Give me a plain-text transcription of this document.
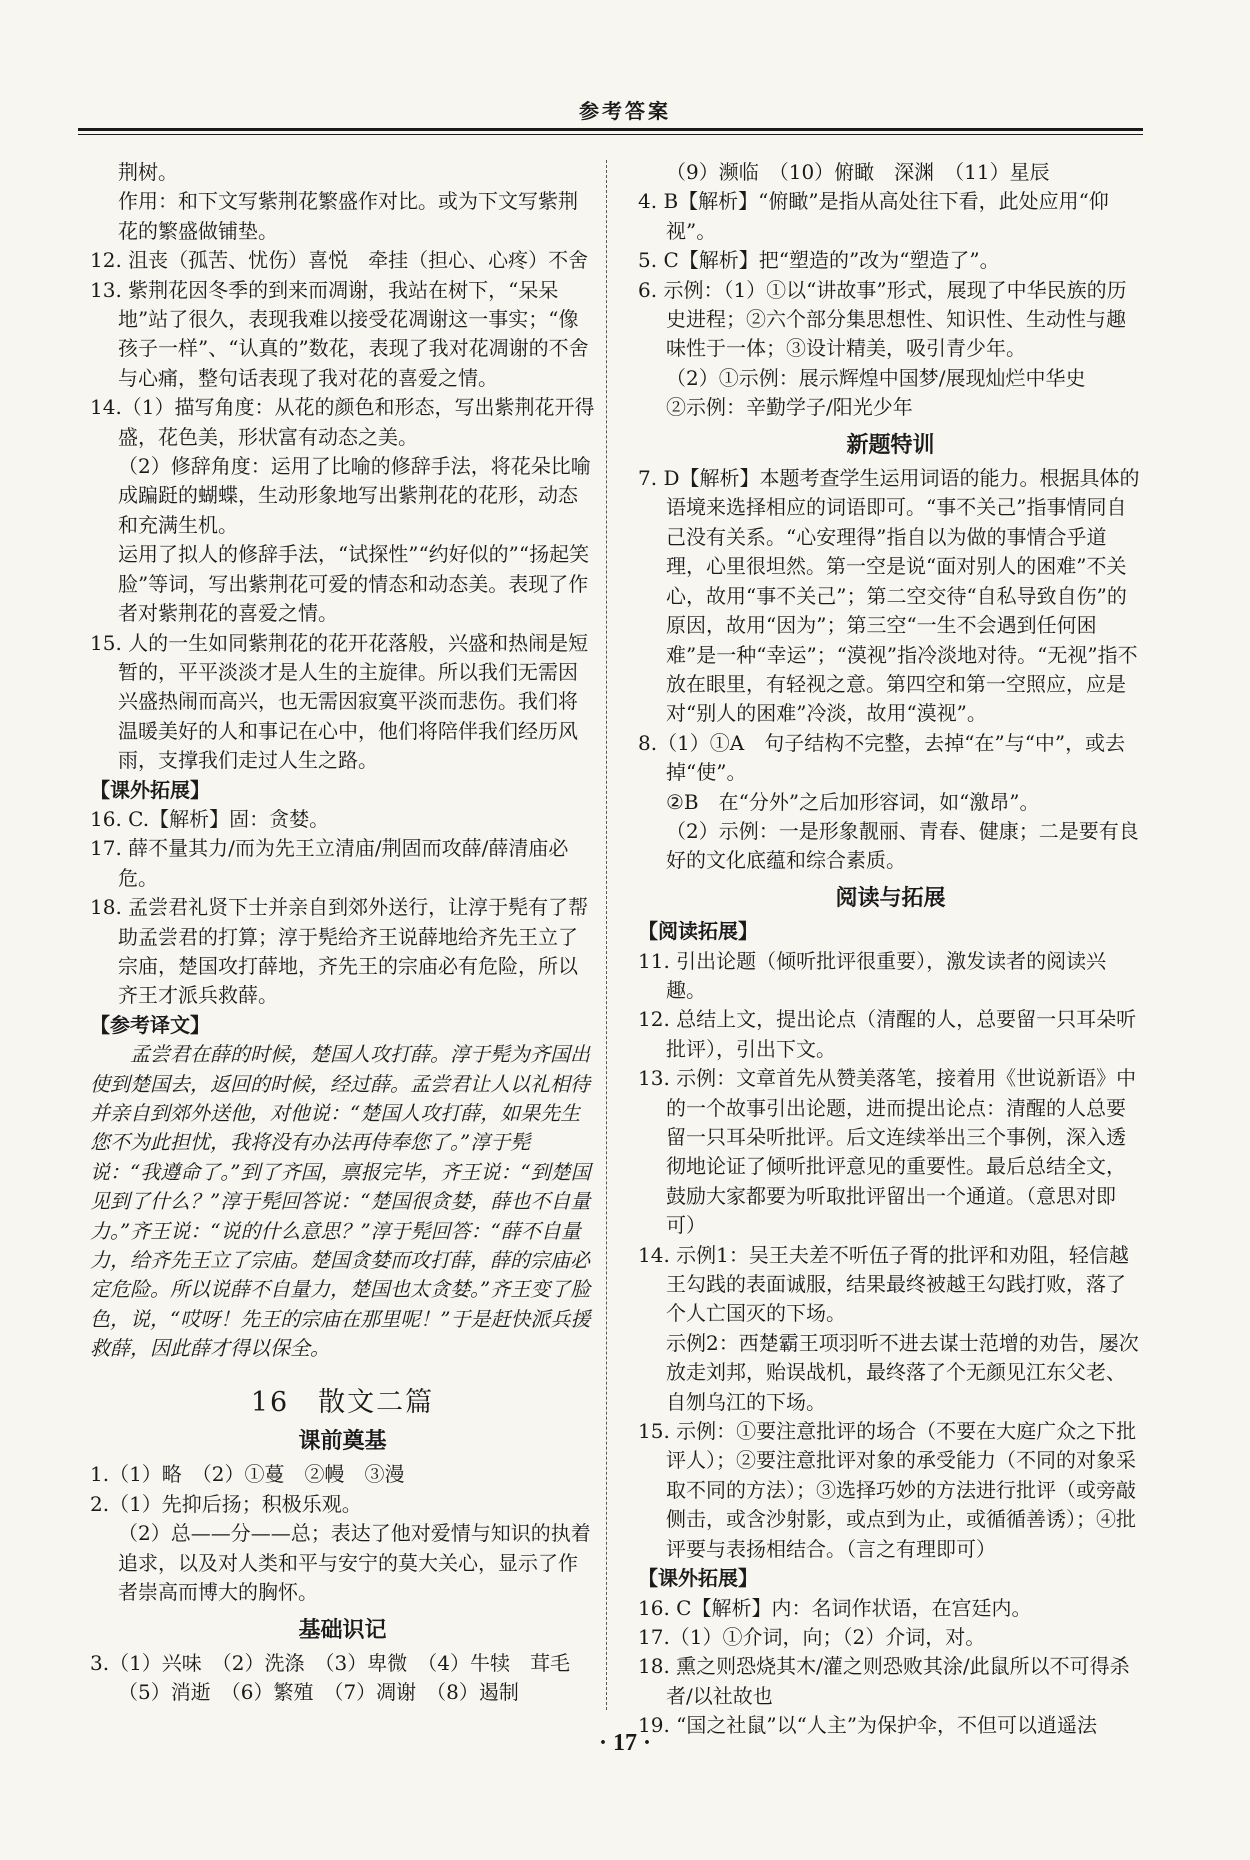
参考答案

荆树。

作用：和下文写紫荆花繁盛作对比。或为下文写紫荆花的繁盛做铺垫。

12. 沮丧（孤苦、忧伤）喜悦　牵挂（担心、心疼）不舍

13. 紫荆花因冬季的到来而凋谢，我站在树下，“呆呆地”站了很久，表现我难以接受花凋谢这一事实；“像孩子一样”、“认真的”数花，表现了我对花凋谢的不舍与心痛，整句话表现了我对花的喜爱之情。

14.（1）描写角度：从花的颜色和形态，写出紫荆花开得盛，花色美，形状富有动态之美。

（2）修辞角度：运用了比喻的修辞手法，将花朵比喻成蹁跹的蝴蝶，生动形象地写出紫荆花的花形，动态和充满生机。

运用了拟人的修辞手法，“试探性”“约好似的”“扬起笑脸”等词，写出紫荆花可爱的情态和动态美。表现了作者对紫荆花的喜爱之情。

15. 人的一生如同紫荆花的花开花落般，兴盛和热闹是短暂的，平平淡淡才是人生的主旋律。所以我们无需因兴盛热闹而高兴，也无需因寂寞平淡而悲伤。我们将温暖美好的人和事记在心中，他们将陪伴我们经历风雨，支撑我们走过人生之路。

【课外拓展】

16. C.【解析】固：贪婪。

17. 薛不量其力/而为先王立清庙/荆固而攻薛/薛清庙必危。

18. 孟尝君礼贤下士并亲自到郊外送行，让淳于髡有了帮助孟尝君的打算；淳于髡给齐王说薛地给齐先王立了宗庙，楚国攻打薛地，齐先王的宗庙必有危险，所以齐王才派兵救薛。

【参考译文】

孟尝君在薛的时候，楚国人攻打薛。淳于髡为齐国出使到楚国去，返回的时候，经过薛。孟尝君让人以礼相待并亲自到郊外送他，对他说：“楚国人攻打薛，如果先生您不为此担忧，我将没有办法再侍奉您了。”淳于髡说：“我遵命了。”到了齐国，禀报完毕，齐王说：“到楚国见到了什么？”淳于髡回答说：“楚国很贪婪，薛也不自量力。”齐王说：“说的什么意思？”淳于髡回答：“薛不自量力，给齐先王立了宗庙。楚国贪婪而攻打薛，薛的宗庙必定危险。所以说薛不自量力，楚国也太贪婪。”齐王变了脸色，说，“哎呀！先王的宗庙在那里呢！”于是赶快派兵援救薛，因此薛才得以保全。

16　散文二篇

课前奠基

1.（1）略　（2）①蔓　②幔　③漫

2.（1）先抑后扬；积极乐观。

（2）总——分——总；表达了他对爱情与知识的执着追求，以及对人类和平与安宁的莫大关心，显示了作者崇高而博大的胸怀。

基础识记

3.（1）兴味　（2）洗涤　（3）卑微　（4）牛犊　茸毛　（5）消逝　（6）繁殖　（7）凋谢　（8）遏制

（9）濒临　（10）俯瞰　深渊　（11）星辰

4. B【解析】“俯瞰”是指从高处往下看，此处应用“仰视”。

5. C【解析】把“塑造的”改为“塑造了”。

6. 示例：（1）①以“讲故事”形式，展现了中华民族的历史进程；②六个部分集思想性、知识性、生动性与趣味性于一体；③设计精美，吸引青少年。

（2）①示例：展示辉煌中国梦/展现灿烂中华史

②示例：辛勤学子/阳光少年

新题特训

7. D【解析】本题考查学生运用词语的能力。根据具体的语境来选择相应的词语即可。“事不关己”指事情同自己没有关系。“心安理得”指自以为做的事情合乎道理，心里很坦然。第一空是说“面对别人的困难”不关心，故用“事不关己”；第二空交待“自私导致自伤”的原因，故用“因为”；第三空“一生不会遇到任何困难”是一种“幸运”；“漠视”指冷淡地对待。“无视”指不放在眼里，有轻视之意。第四空和第一空照应，应是对“别人的困难”冷淡，故用“漠视”。

8.（1）①A　句子结构不完整，去掉“在”与“中”，或去掉“使”。

②B　在“分外”之后加形容词，如“激昂”。

（2）示例：一是形象靓丽、青春、健康；二是要有良好的文化底蕴和综合素质。

阅读与拓展

【阅读拓展】

11. 引出论题（倾听批评很重要），激发读者的阅读兴趣。

12. 总结上文，提出论点（清醒的人，总要留一只耳朵听批评），引出下文。

13. 示例：文章首先从赞美落笔，接着用《世说新语》中的一个故事引出论题，进而提出论点：清醒的人总要留一只耳朵听批评。后文连续举出三个事例，深入透彻地论证了倾听批评意见的重要性。最后总结全文，鼓励大家都要为听取批评留出一个通道。（意思对即可）

14. 示例1：吴王夫差不听伍子胥的批评和劝阻，轻信越王勾践的表面诚服，结果最终被越王勾践打败，落了个人亡国灭的下场。

示例2：西楚霸王项羽听不进去谋士范增的劝告，屡次放走刘邦，贻误战机，最终落了个无颜见江东父老、自刎乌江的下场。

15. 示例：①要注意批评的场合（不要在大庭广众之下批评人）；②要注意批评对象的承受能力（不同的对象采取不同的方法）；③选择巧妙的方法进行批评（或旁敲侧击，或含沙射影，或点到为止，或循循善诱）；④批评要与表扬相结合。（言之有理即可）

【课外拓展】

16. C【解析】内：名词作状语，在宫廷内。

17.（1）①介词，向；（2）介词，对。

18. 熏之则恐烧其木/灌之则恐败其涂/此鼠所以不可得杀者/以社故也

19. “国之社鼠”以“人主”为保护伞，不但可以逍遥法

· 17 ·
